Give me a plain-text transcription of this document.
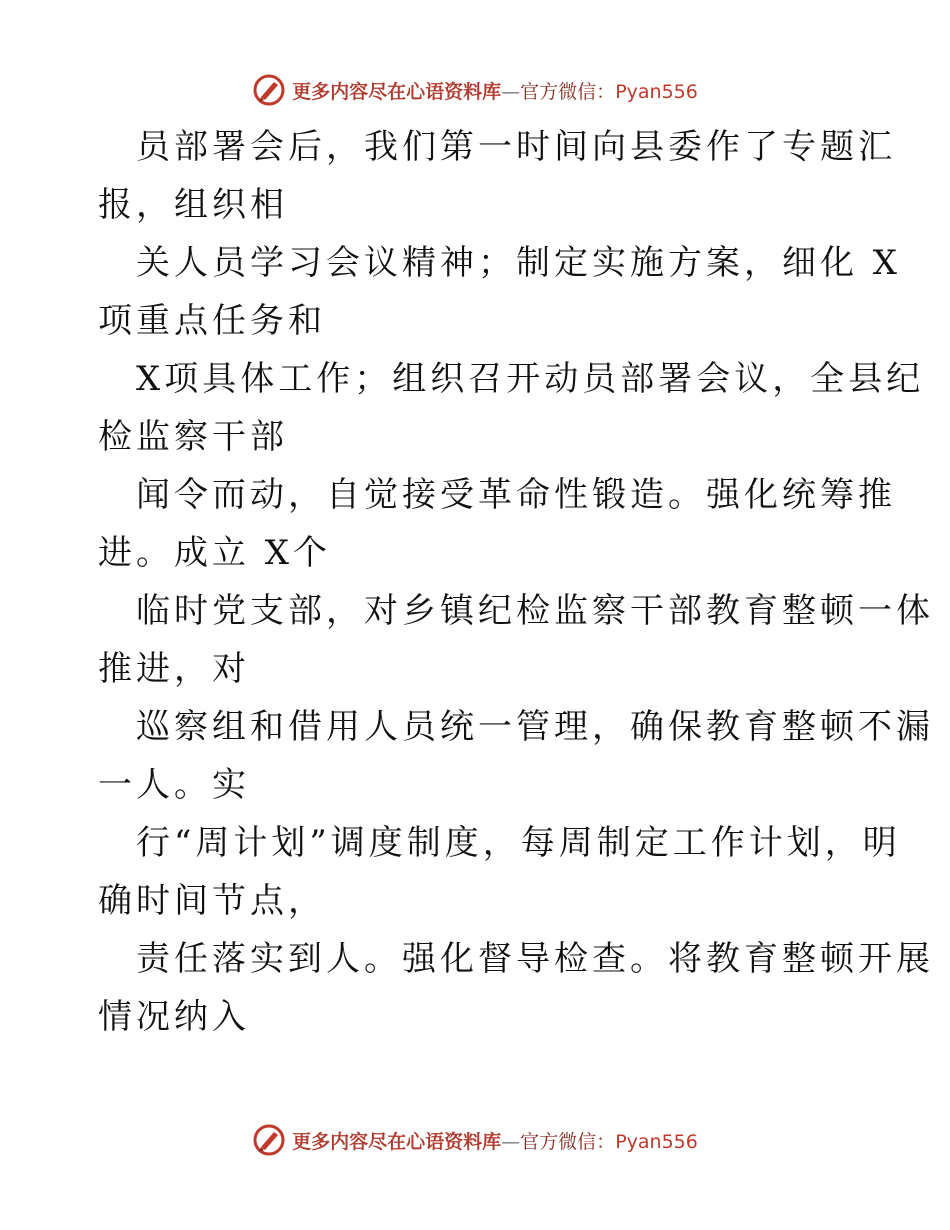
更多内容尽在心语资料库—官方微信：Pyan556
员部署会后，我们第一时间向县委作了专题汇
报，组织相
关人员学习会议精神；制定实施方案，细化 X
项重点任务和
X项具体工作；组织召开动员部署会议，全县纪
检监察干部
闻令而动，自觉接受革命性锻造。强化统筹推
进。成立 X个
临时党支部，对乡镇纪检监察干部教育整顿一体
推进，对
巡察组和借用人员统一管理，确保教育整顿不漏
一人。实
行“周计划”调度制度，每周制定工作计划，明
确时间节点，
责任落实到人。强化督导检查。将教育整顿开展
情况纳入
更多内容尽在心语资料库—官方微信：Pyan556
